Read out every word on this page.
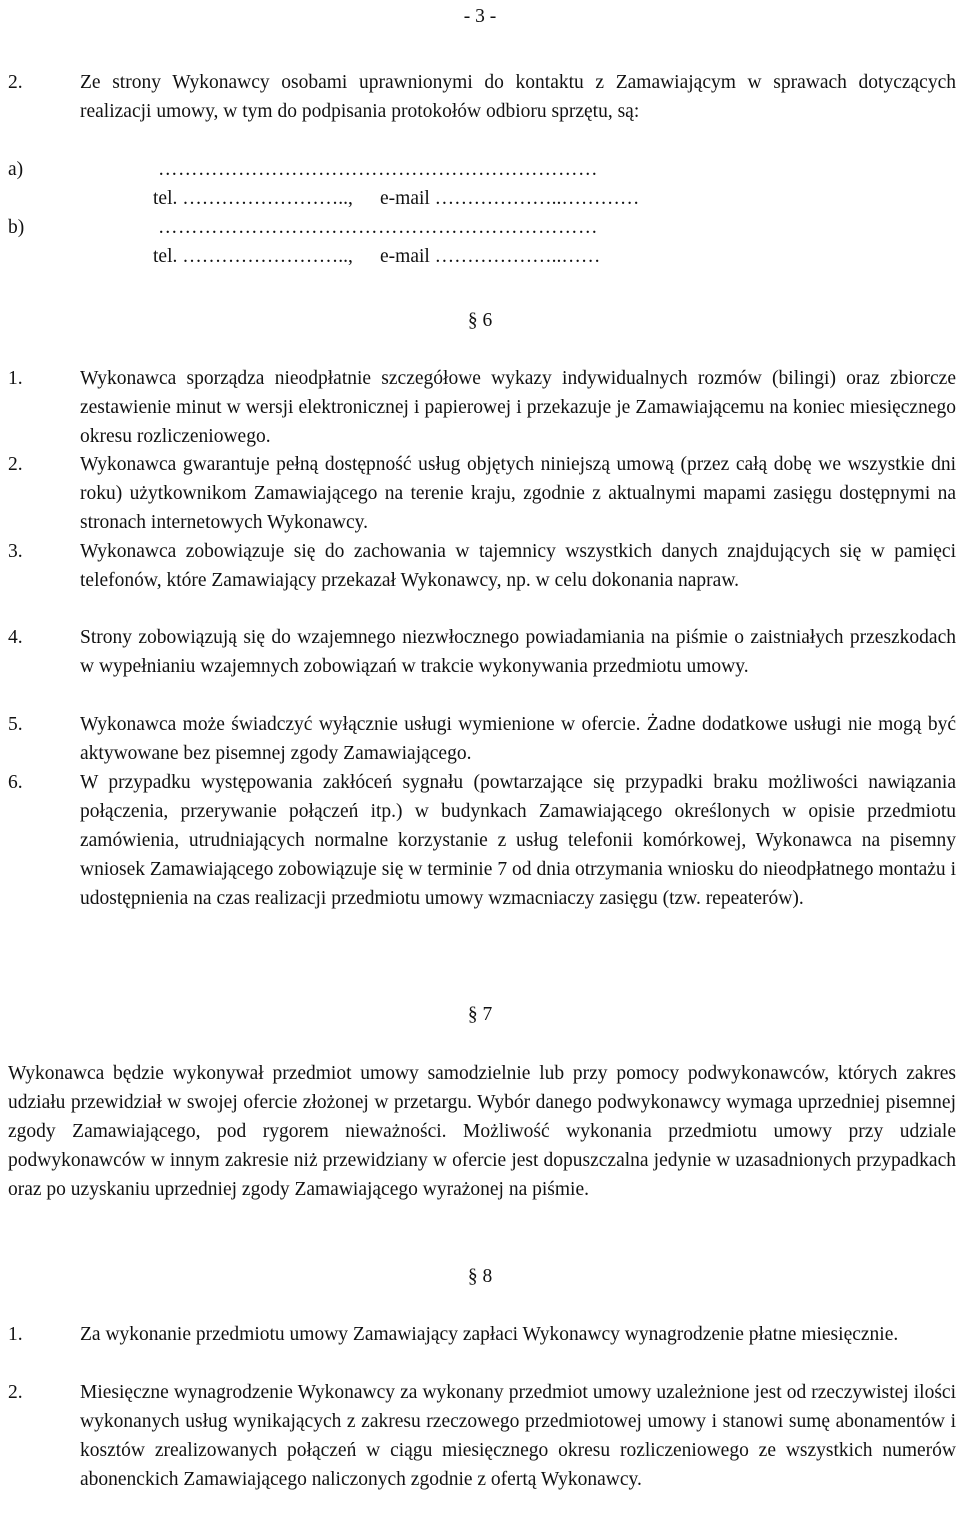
- 3 -
2.	Ze strony Wykonawcy osobami uprawnionymi do kontaktu z Zamawiającym w sprawach dotyczących realizacji umowy, w tym do podpisania protokołów odbioru sprzętu, są:
a)	…………………………………………………………
tel. …………………….., e-mail ………………..…………
b)	…………………………………………………………
tel. …………………….., e-mail ………………..……
§ 6
1.	Wykonawca sporządza nieodpłatnie szczegółowe wykazy indywidualnych rozmów (bilingi) oraz zbiorcze zestawienie minut w wersji elektronicznej i papierowej i przekazuje je Zamawiającemu na koniec miesięcznego okresu rozliczeniowego.
2.	Wykonawca gwarantuje pełną dostępność usług objętych niniejszą umową (przez całą dobę we wszystkie dni roku) użytkownikom Zamawiającego na terenie kraju, zgodnie z aktualnymi mapami zasięgu dostępnymi na stronach internetowych Wykonawcy.
3.	Wykonawca zobowiązuje się do zachowania w tajemnicy wszystkich danych znajdujących się w pamięci telefonów, które Zamawiający przekazał Wykonawcy, np. w celu dokonania napraw.
4.	Strony zobowiązują się do wzajemnego niezwłocznego powiadamiania na piśmie o zaistniałych przeszkodach w wypełnianiu wzajemnych zobowiązań w trakcie wykonywania przedmiotu umowy.
5.	Wykonawca może świadczyć wyłącznie usługi wymienione w ofercie. Żadne dodatkowe usługi nie mogą być aktywowane bez pisemnej zgody Zamawiającego.
6.	W przypadku występowania zakłóceń sygnału (powtarzające się przypadki braku możliwości nawiązania połączenia, przerywanie połączeń itp.) w budynkach Zamawiającego określonych w opisie przedmiotu zamówienia, utrudniających normalne korzystanie z usług telefonii komórkowej, Wykonawca na pisemny wniosek Zamawiającego zobowiązuje się w terminie 7 od dnia otrzymania wniosku do nieodpłatnego montażu i udostępnienia na czas realizacji przedmiotu umowy wzmacniaczy zasięgu (tzw. repeaterów).
§ 7
Wykonawca będzie wykonywał przedmiot umowy samodzielnie lub przy pomocy podwykonawców, których zakres udziału przewidział w swojej ofercie złożonej w przetargu. Wybór danego podwykonawcy wymaga uprzedniej pisemnej zgody Zamawiającego, pod rygorem nieważności. Możliwość wykonania przedmiotu umowy przy udziale podwykonawców w innym zakresie niż przewidziany w ofercie jest dopuszczalna jedynie w uzasadnionych przypadkach oraz po uzyskaniu uprzedniej zgody Zamawiającego wyrażonej na piśmie.
§ 8
1.	Za wykonanie przedmiotu umowy Zamawiający zapłaci Wykonawcy wynagrodzenie płatne miesięcznie.
2.	Miesięczne wynagrodzenie Wykonawcy za wykonany przedmiot umowy uzależnione jest od rzeczywistej ilości wykonanych usług wynikających z zakresu rzeczowego przedmiotowej umowy i stanowi sumę abonamentów i kosztów zrealizowanych połączeń w ciągu miesięcznego okresu rozliczeniowego ze wszystkich numerów abonenckich Zamawiającego naliczonych zgodnie z ofertą Wykonawcy.
